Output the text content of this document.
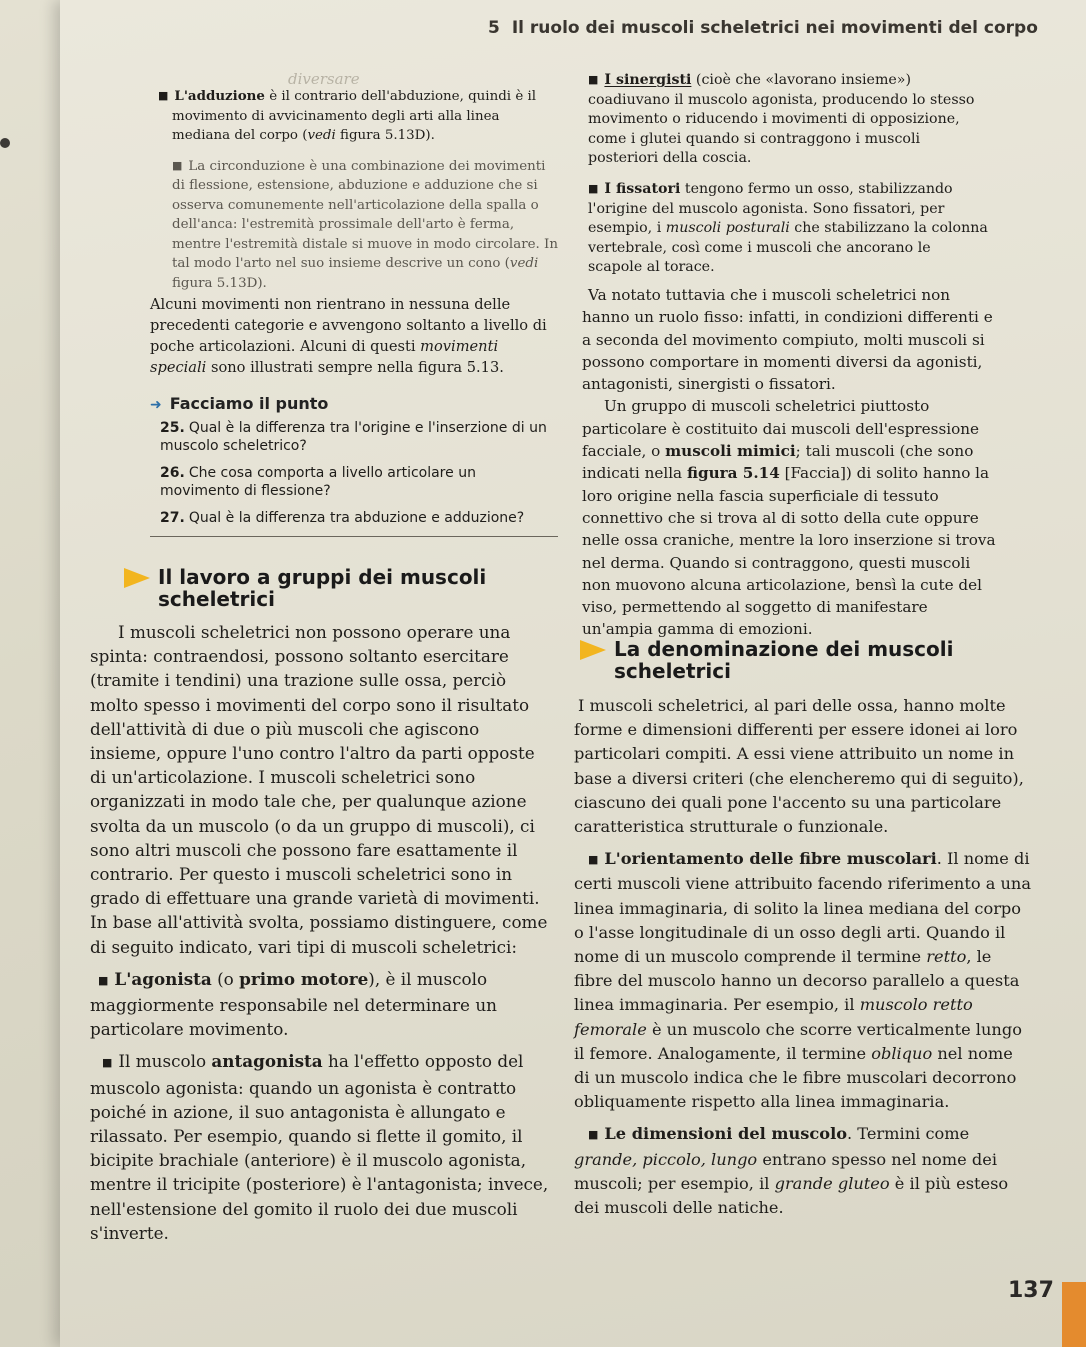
5 Il ruolo dei muscoli scheletrici nei movimenti del corpo
diversare

■ L'adduzione è il contrario dell'abduzione, quindi è il movimento di avvicinamento degli arti alla linea mediana del corpo (vedi figura 5.13D).

■ La circonduzione è una combinazione dei movimenti di flessione, estensione, abduzione e adduzione che si osserva comunemente nell'articolazione della spalla o dell'anca: l'estremità prossimale dell'arto è ferma, mentre l'estremità distale si muove in modo circolare. In tal modo l'arto nel suo insieme descrive un cono (vedi figura 5.13D).

Alcuni movimenti non rientrano in nessuna delle precedenti categorie e avvengono soltanto a livello di poche articolazioni. Alcuni di questi movimenti speciali sono illustrati sempre nella figura 5.13.

➜ Facciamo il punto
25. Qual è la differenza tra l'origine e l'inserzione di un muscolo scheletrico?
26. Che cosa comporta a livello articolare un movimento di flessione?
27. Qual è la differenza tra abduzione e adduzione?
Il lavoro a gruppi dei muscoli
scheletrici

I muscoli scheletrici non possono operare una spinta: contraendosi, possono soltanto esercitare (tramite i tendini) una trazione sulle ossa, perciò molto spesso i movimenti del corpo sono il risultato dell'attività di due o più muscoli che agiscono insieme, oppure l'uno contro l'altro da parti opposte di un'articolazione. I muscoli scheletrici sono organizzati in modo tale che, per qualunque azione svolta da un muscolo (o da un gruppo di muscoli), ci sono altri muscoli che possono fare esattamente il contrario. Per questo i muscoli scheletrici sono in grado di effettuare una grande varietà di movimenti. In base all'attività svolta, possiamo distinguere, come di seguito indicato, vari tipi di muscoli scheletrici:

■ L'agonista (o primo motore), è il muscolo maggiormente responsabile nel determinare un particolare movimento.

■ Il muscolo antagonista ha l'effetto opposto del muscolo agonista: quando un agonista è contratto poiché in azione, il suo antagonista è allungato e rilassato. Per esempio, quando si flette il gomito, il bicipite brachiale (anteriore) è il muscolo agonista, mentre il tricipite (posteriore) è l'antagonista; invece, nell'estensione del gomito il ruolo dei due muscoli s'inverte.

■ I sinergisti (cioè che «lavorano insieme») coadiuvano il muscolo agonista, producendo lo stesso movimento o riducendo i movimenti di opposizione, come i glutei quando si contraggono i muscoli posteriori della coscia.

■ I fissatori tengono fermo un osso, stabilizzando l'origine del muscolo agonista. Sono fissatori, per esempio, i muscoli posturali che stabilizzano la colonna vertebrale, così come i muscoli che ancorano le scapole al torace.

Va notato tuttavia che i muscoli scheletrici non hanno un ruolo fisso: infatti, in condizioni differenti e a seconda del movimento compiuto, molti muscoli si possono comportare in momenti diversi da agonisti, antagonisti, sinergisti o fissatori.

Un gruppo di muscoli scheletrici piuttosto particolare è costituito dai muscoli dell'espressione facciale, o muscoli mimici; tali muscoli (che sono indicati nella figura 5.14 [Faccia]) di solito hanno la loro origine nella fascia superficiale di tessuto connettivo che si trova al di sotto della cute oppure nelle ossa craniche, mentre la loro inserzione si trova nel derma. Quando si contraggono, questi muscoli non muovono alcuna articolazione, bensì la cute del viso, permettendo al soggetto di manifestare un'ampia gamma di emozioni.

La denominazione dei muscoli
scheletrici

I muscoli scheletrici, al pari delle ossa, hanno molte forme e dimensioni differenti per essere idonei ai loro particolari compiti. A essi viene attribuito un nome in base a diversi criteri (che elencheremo qui di seguito), ciascuno dei quali pone l'accento su una particolare caratteristica strutturale o funzionale.

■ L'orientamento delle fibre muscolari. Il nome di certi muscoli viene attribuito facendo riferimento a una linea immaginaria, di solito la linea mediana del corpo o l'asse longitudinale di un osso degli arti. Quando il nome di un muscolo comprende il termine retto, le fibre del muscolo hanno un decorso parallelo a questa linea immaginaria. Per esempio, il muscolo retto femorale è un muscolo che scorre verticalmente lungo il femore. Analogamente, il termine obliquo nel nome di un muscolo indica che le fibre muscolari decorrono obliquamente rispetto alla linea immaginaria.

■ Le dimensioni del muscolo. Termini come grande, piccolo, lungo entrano spesso nel nome dei muscoli; per esempio, il grande gluteo è il più esteso dei muscoli delle natiche.

137
